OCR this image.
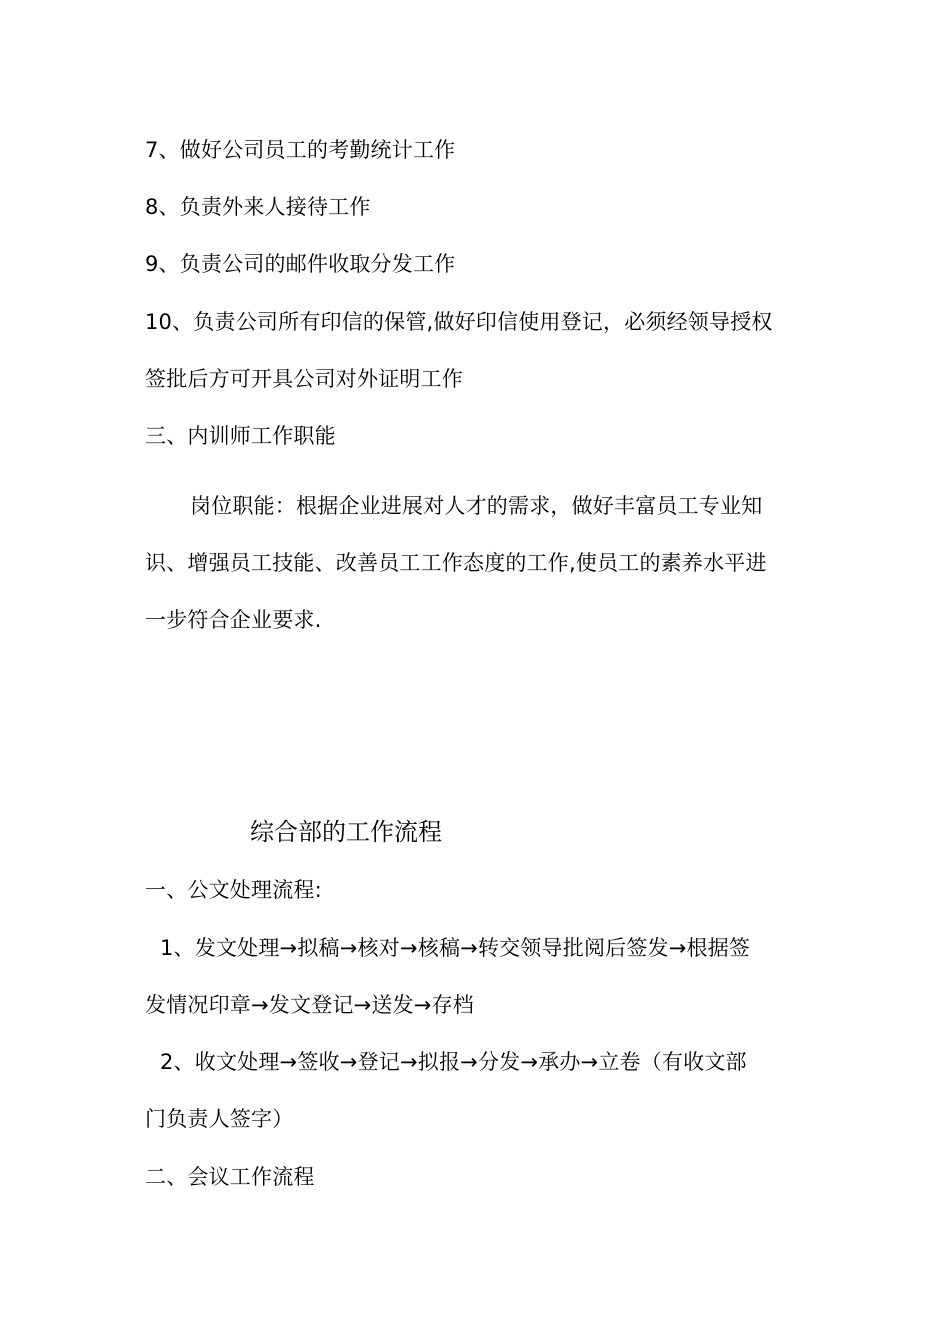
7、做好公司员工的考勤统计工作
8、负责外来人接待工作
9、负责公司的邮件收取分发工作
10、负责公司所有印信的保管,做好印信使用登记，必须经领导授权
签批后方可开具公司对外证明工作
三、内训师工作职能
岗位职能：根据企业进展对人才的需求，做好丰富员工专业知
识、增强员工技能、改善员工工作态度的工作,使员工的素养水平进
一步符合企业要求.
综合部的工作流程
一、公文处理流程:
1、发文处理→拟稿→核对→核稿→转交领导批阅后签发→根据签
发情况印章→发文登记→送发→存档
2、收文处理→签收→登记→拟报→分发→承办→立卷（有收文部
门负责人签字）
二、会议工作流程
